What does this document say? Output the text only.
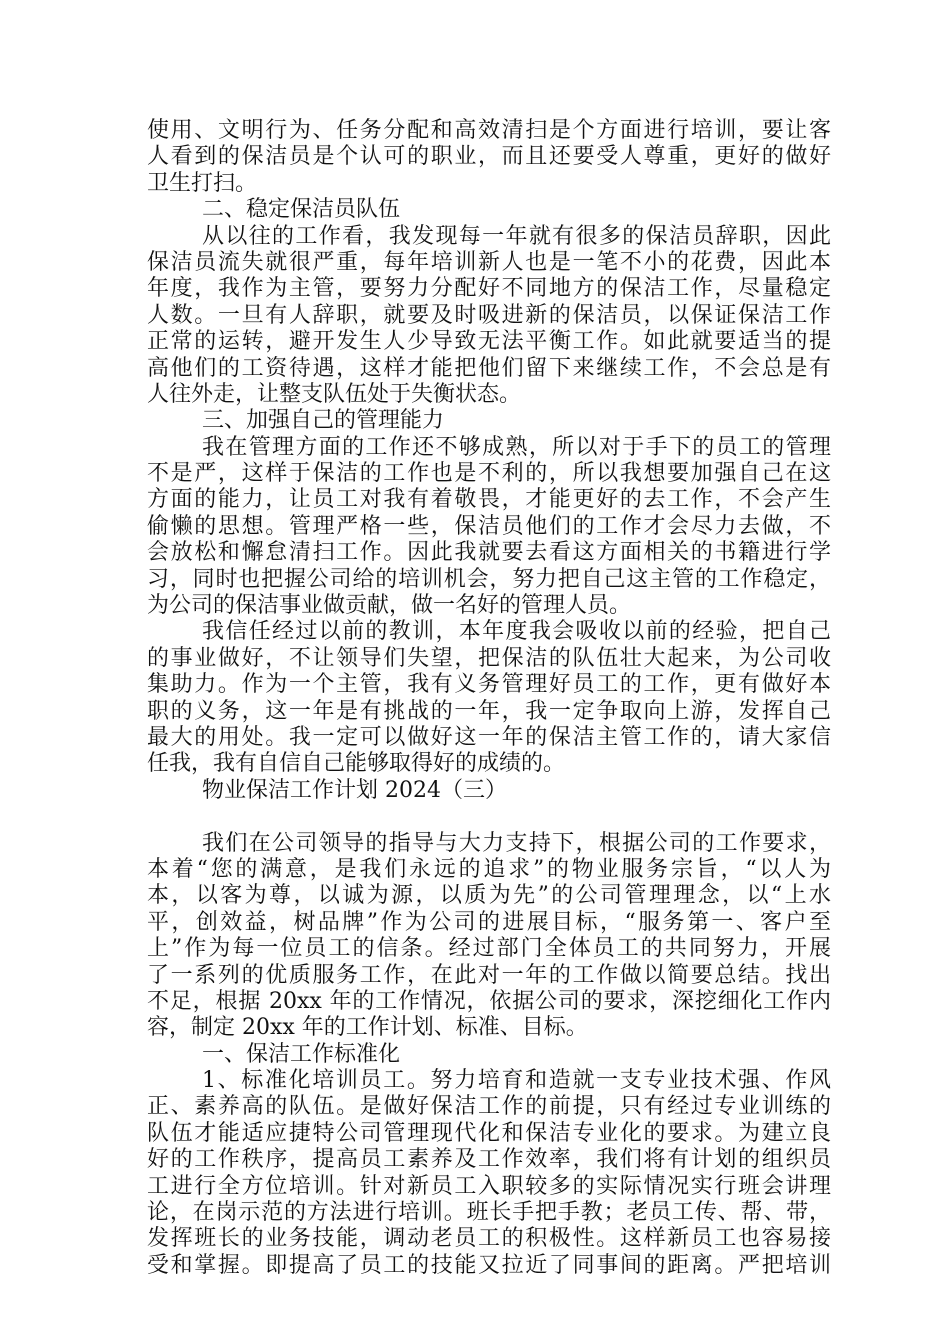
使用、文明行为、任务分配和高效清扫是个方面进行培训，要让客
人看到的保洁员是个认可的职业，而且还要受人尊重，更好的做好
卫生打扫。
二、稳定保洁员队伍
从以往的工作看，我发现每一年就有很多的保洁员辞职，因此
保洁员流失就很严重，每年培训新人也是一笔不小的花费，因此本
年度，我作为主管，要努力分配好不同地方的保洁工作，尽量稳定
人数。一旦有人辞职，就要及时吸进新的保洁员，以保证保洁工作
正常的运转，避开发生人少导致无法平衡工作。如此就要适当的提
高他们的工资待遇，这样才能把他们留下来继续工作，不会总是有
人往外走，让整支队伍处于失衡状态。
三、加强自己的管理能力
我在管理方面的工作还不够成熟，所以对于手下的员工的管理
不是严，这样于保洁的工作也是不利的，所以我想要加强自己在这
方面的能力，让员工对我有着敬畏，才能更好的去工作，不会产生
偷懒的思想。管理严格一些，保洁员他们的工作才会尽力去做，不
会放松和懈怠清扫工作。因此我就要去看这方面相关的书籍进行学
习，同时也把握公司给的培训机会，努力把自己这主管的工作稳定，
为公司的保洁事业做贡献，做一名好的管理人员。
我信任经过以前的教训，本年度我会吸收以前的经验，把自己
的事业做好，不让领导们失望，把保洁的队伍壮大起来，为公司收
集助力。作为一个主管，我有义务管理好员工的工作，更有做好本
职的义务，这一年是有挑战的一年，我一定争取向上游，发挥自己
最大的用处。我一定可以做好这一年的保洁主管工作的，请大家信
任我，我有自信自己能够取得好的成绩的。
物业保洁工作计划 2024（三）
我们在公司领导的指导与大力支持下，根据公司的工作要求，
本着“您的满意，是我们永远的追求”的物业服务宗旨，“以人为
本，以客为尊，以诚为源，以质为先”的公司管理理念，以“上水
平，创效益，树品牌”作为公司的进展目标，“服务第一、客户至
上”作为每一位员工的信条。经过部门全体员工的共同努力，开展
了一系列的优质服务工作，在此对一年的工作做以简要总结。找出
不足，根据 20xx 年的工作情况，依据公司的要求，深挖细化工作内
容，制定 20xx 年的工作计划、标准、目标。
一、保洁工作标准化
1、标准化培训员工。努力培育和造就一支专业技术强、作风
正、素养高的队伍。是做好保洁工作的前提，只有经过专业训练的
队伍才能适应捷特公司管理现代化和保洁专业化的要求。为建立良
好的工作秩序，提高员工素养及工作效率，我们将有计划的组织员
工进行全方位培训。针对新员工入职较多的实际情况实行班会讲理
论，在岗示范的方法进行培训。班长手把手教；老员工传、帮、带，
发挥班长的业务技能，调动老员工的积极性。这样新员工也容易接
受和掌握。即提高了员工的技能又拉近了同事间的距离。严把培训
